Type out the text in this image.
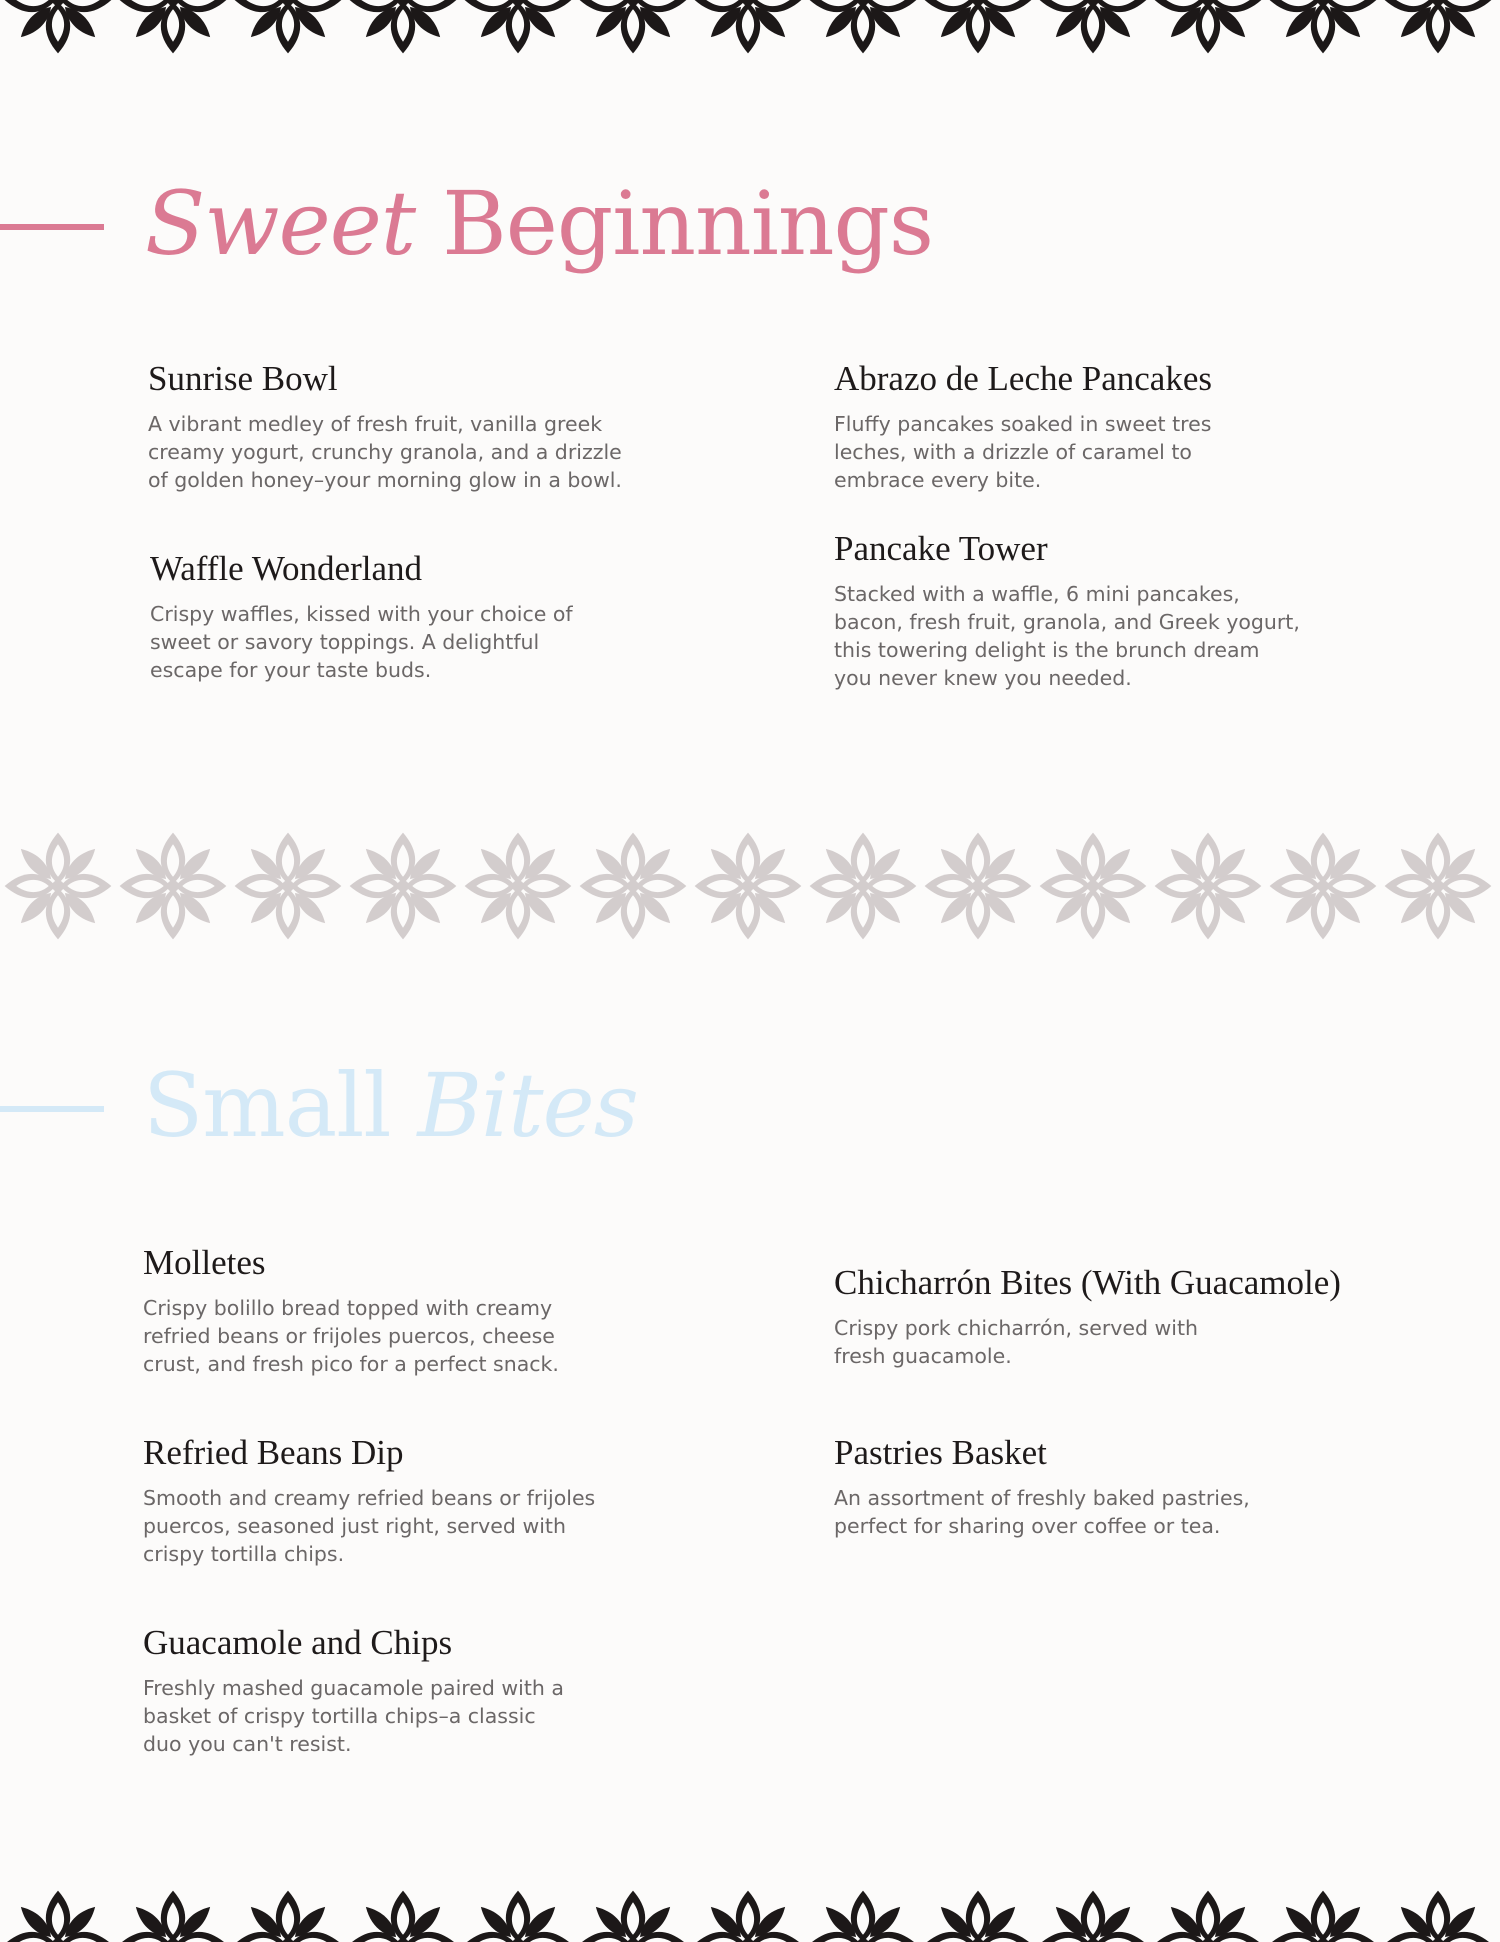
Sweet Beginnings
Sunrise Bowl

A vibrant medley of fresh fruit, vanilla greek
creamy yogurt, crunchy granola, and a drizzle
of golden honey–your morning glow in a bowl.

Abrazo de Leche Pancakes

Fluffy pancakes soaked in sweet tres
leches, with a drizzle of caramel to
embrace every bite.

Waffle Wonderland

Crispy waffles, kissed with your choice of
sweet or savory toppings. A delightful
escape for your taste buds.

Pancake Tower

Stacked with a waffle, 6 mini pancakes,
bacon, fresh fruit, granola, and Greek yogurt,
this towering delight is the brunch dream
you never knew you needed.

Small Bites
Molletes

Crispy bolillo bread topped with creamy
refried beans or frijoles puercos, cheese
crust, and fresh pico for a perfect snack.

Chicharrón Bites (With Guacamole)

Crispy pork chicharrón, served with
fresh guacamole.

Refried Beans Dip

Smooth and creamy refried beans or frijoles
puercos, seasoned just right, served with
crispy tortilla chips.

Pastries Basket

An assortment of freshly baked pastries,
perfect for sharing over coffee or tea.

Guacamole and Chips

Freshly mashed guacamole paired with a
basket of crispy tortilla chips–a classic
duo you can't resist.
